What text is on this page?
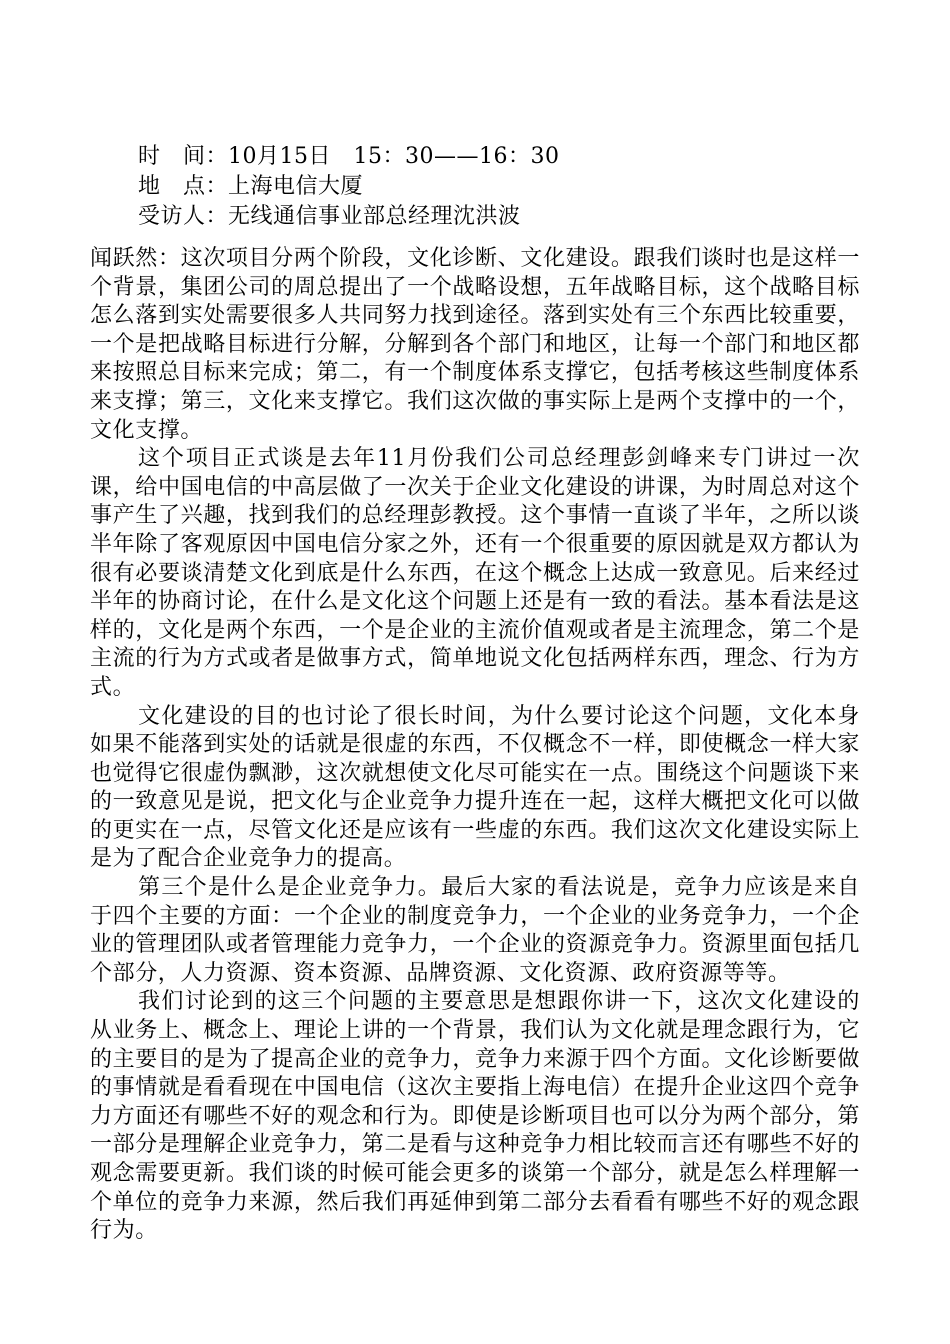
时　间：10月15日　15：30——16：30
地　点：上海电信大厦
受访人：无线通信事业部总经理沈洪波

闻跃然：这次项目分两个阶段，文化诊断、文化建设。跟我们谈时也是这样一个背景，集团公司的周总提出了一个战略设想，五年战略目标，这个战略目标怎么落到实处需要很多人共同努力找到途径。落到实处有三个东西比较重要，一个是把战略目标进行分解，分解到各个部门和地区，让每一个部门和地区都来按照总目标来完成；第二，有一个制度体系支撑它，包括考核这些制度体系来支撑；第三，文化来支撑它。我们这次做的事实际上是两个支撑中的一个，文化支撑。

这个项目正式谈是去年11月份我们公司总经理彭剑峰来专门讲过一次课，给中国电信的中高层做了一次关于企业文化建设的讲课，为时周总对这个事产生了兴趣，找到我们的总经理彭教授。这个事情一直谈了半年，之所以谈半年除了客观原因中国电信分家之外，还有一个很重要的原因就是双方都认为很有必要谈清楚文化到底是什么东西，在这个概念上达成一致意见。后来经过半年的协商讨论，在什么是文化这个问题上还是有一致的看法。基本看法是这样的，文化是两个东西，一个是企业的主流价值观或者是主流理念，第二个是主流的行为方式或者是做事方式，简单地说文化包括两样东西，理念、行为方式。

文化建设的目的也讨论了很长时间，为什么要讨论这个问题，文化本身如果不能落到实处的话就是很虚的东西，不仅概念不一样，即使概念一样大家也觉得它很虚伪飘渺，这次就想使文化尽可能实在一点。围绕这个问题谈下来的一致意见是说，把文化与企业竞争力提升连在一起，这样大概把文化可以做的更实在一点，尽管文化还是应该有一些虚的东西。我们这次文化建设实际上是为了配合企业竞争力的提高。

第三个是什么是企业竞争力。最后大家的看法说是，竞争力应该是来自于四个主要的方面：一个企业的制度竞争力，一个企业的业务竞争力，一个企业的管理团队或者管理能力竞争力，一个企业的资源竞争力。资源里面包括几个部分，人力资源、资本资源、品牌资源、文化资源、政府资源等等。

我们讨论到的这三个问题的主要意思是想跟你讲一下，这次文化建设的从业务上、概念上、理论上讲的一个背景，我们认为文化就是理念跟行为，它的主要目的是为了提高企业的竞争力，竞争力来源于四个方面。文化诊断要做的事情就是看看现在中国电信（这次主要指上海电信）在提升企业这四个竞争力方面还有哪些不好的观念和行为。即使是诊断项目也可以分为两个部分，第一部分是理解企业竞争力，第二是看与这种竞争力相比较而言还有哪些不好的观念需要更新。我们谈的时候可能会更多的谈第一个部分，就是怎么样理解一个单位的竞争力来源，然后我们再延伸到第二部分去看看有哪些不好的观念跟行为。
